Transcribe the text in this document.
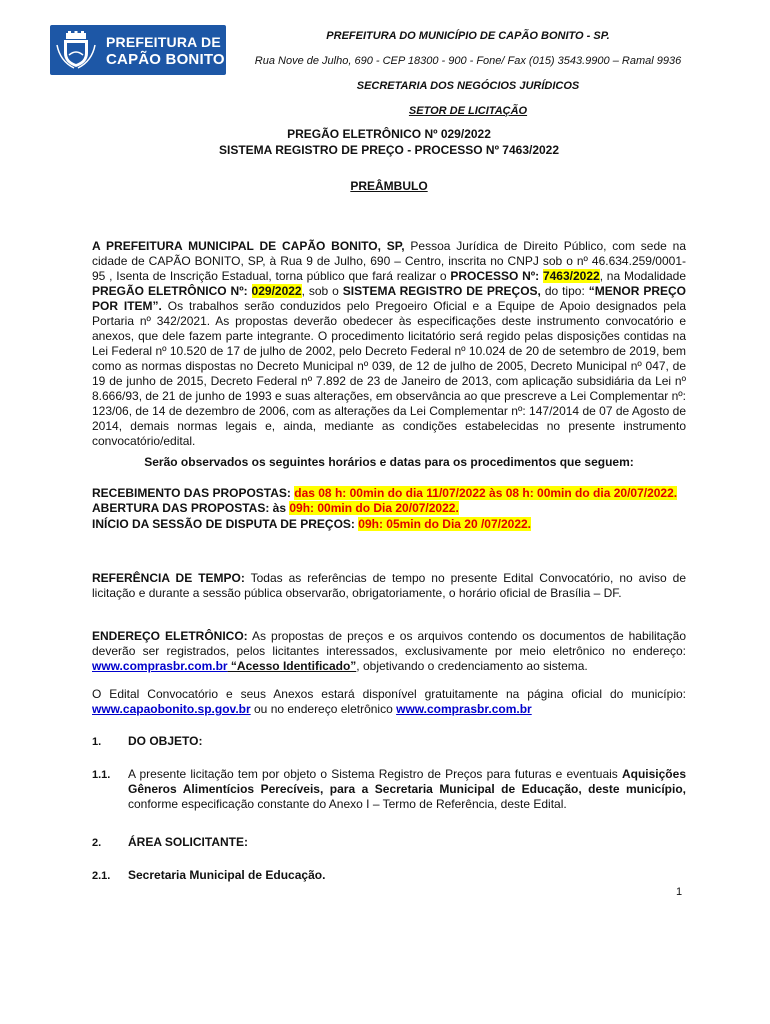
PREFEITURA DE
CAPÃO BONITO
PREFEITURA DO MUNICÍPIO DE CAPÃO BONITO - SP.
Rua Nove de Julho, 690 - CEP 18300 - 900 - Fone/ Fax (015) 3543.9900 – Ramal 9936
SECRETARIA DOS NEGÓCIOS JURÍDICOS
SETOR DE LICITAÇÃO
PREGÃO ELETRÔNICO Nº 029/2022
SISTEMA REGISTRO DE PREÇO - PROCESSO Nº 7463/2022
PREÂMBULO
A PREFEITURA MUNICIPAL DE CAPÃO BONITO, SP, Pessoa Jurídica de Direito Público, com sede na cidade de CAPÃO BONITO, SP, à Rua 9 de Julho, 690 – Centro, inscrita no CNPJ sob o nº 46.634.259/0001-95 , Isenta de Inscrição Estadual, torna público que fará realizar o PROCESSO Nº: 7463/2022, na Modalidade PREGÃO ELETRÔNICO Nº: 029/2022, sob o SISTEMA REGISTRO DE PREÇOS, do tipo: “MENOR PREÇO POR ITEM”. Os trabalhos serão conduzidos pelo Pregoeiro Oficial e a Equipe de Apoio designados pela Portaria nº 342/2021. As propostas deverão obedecer às especificações deste instrumento convocatório e anexos, que dele fazem parte integrante. O procedimento licitatório será regido pelas disposições contidas na Lei Federal nº 10.520 de 17 de julho de 2002, pelo Decreto Federal nº 10.024 de 20 de setembro de 2019, bem como as normas dispostas no Decreto Municipal nº 039, de 12 de julho de 2005, Decreto Municipal nº 047, de 19 de junho de 2015, Decreto Federal nº 7.892 de 23 de Janeiro de 2013, com aplicação subsidiária da Lei nº 8.666/93, de 21 de junho de 1993 e suas alterações, em observância ao que prescreve a Lei Complementar nº: 123/06, de 14 de dezembro de 2006, com as alterações da Lei Complementar nº: 147/2014 de 07 de Agosto de 2014, demais normas legais e, ainda, mediante as condições estabelecidas no presente instrumento convocatório/edital.
Serão observados os seguintes horários e datas para os procedimentos que seguem:
RECEBIMENTO DAS PROPOSTAS: das 08 h: 00min do dia 11/07/2022 às 08 h: 00min do dia 20/07/2022.
ABERTURA DAS PROPOSTAS: às 09h: 00min do Dia 20/07/2022.
INÍCIO DA SESSÃO DE DISPUTA DE PREÇOS: 09h: 05min do Dia 20 /07/2022.
REFERÊNCIA DE TEMPO: Todas as referências de tempo no presente Edital Convocatório, no aviso de licitação e durante a sessão pública observarão, obrigatoriamente, o horário oficial de Brasília – DF.
ENDEREÇO ELETRÔNICO: As propostas de preços e os arquivos contendo os documentos de habilitação deverão ser registrados, pelos licitantes interessados, exclusivamente por meio eletrônico no endereço: www.comprasbr.com.br “Acesso Identificado”, objetivando o credenciamento ao sistema.
O Edital Convocatório e seus Anexos estará disponível gratuitamente na página oficial do município: www.capaobonito.sp.gov.br ou no endereço eletrônico www.comprasbr.com.br
1. DO OBJETO:
1.1. A presente licitação tem por objeto o Sistema Registro de Preços para futuras e eventuais Aquisições Gêneros Alimentícios Perecíveis, para a Secretaria Municipal de Educação, deste município, conforme especificação constante do Anexo I – Termo de Referência, deste Edital.
2. ÁREA SOLICITANTE:
2.1. Secretaria Municipal de Educação.
1
